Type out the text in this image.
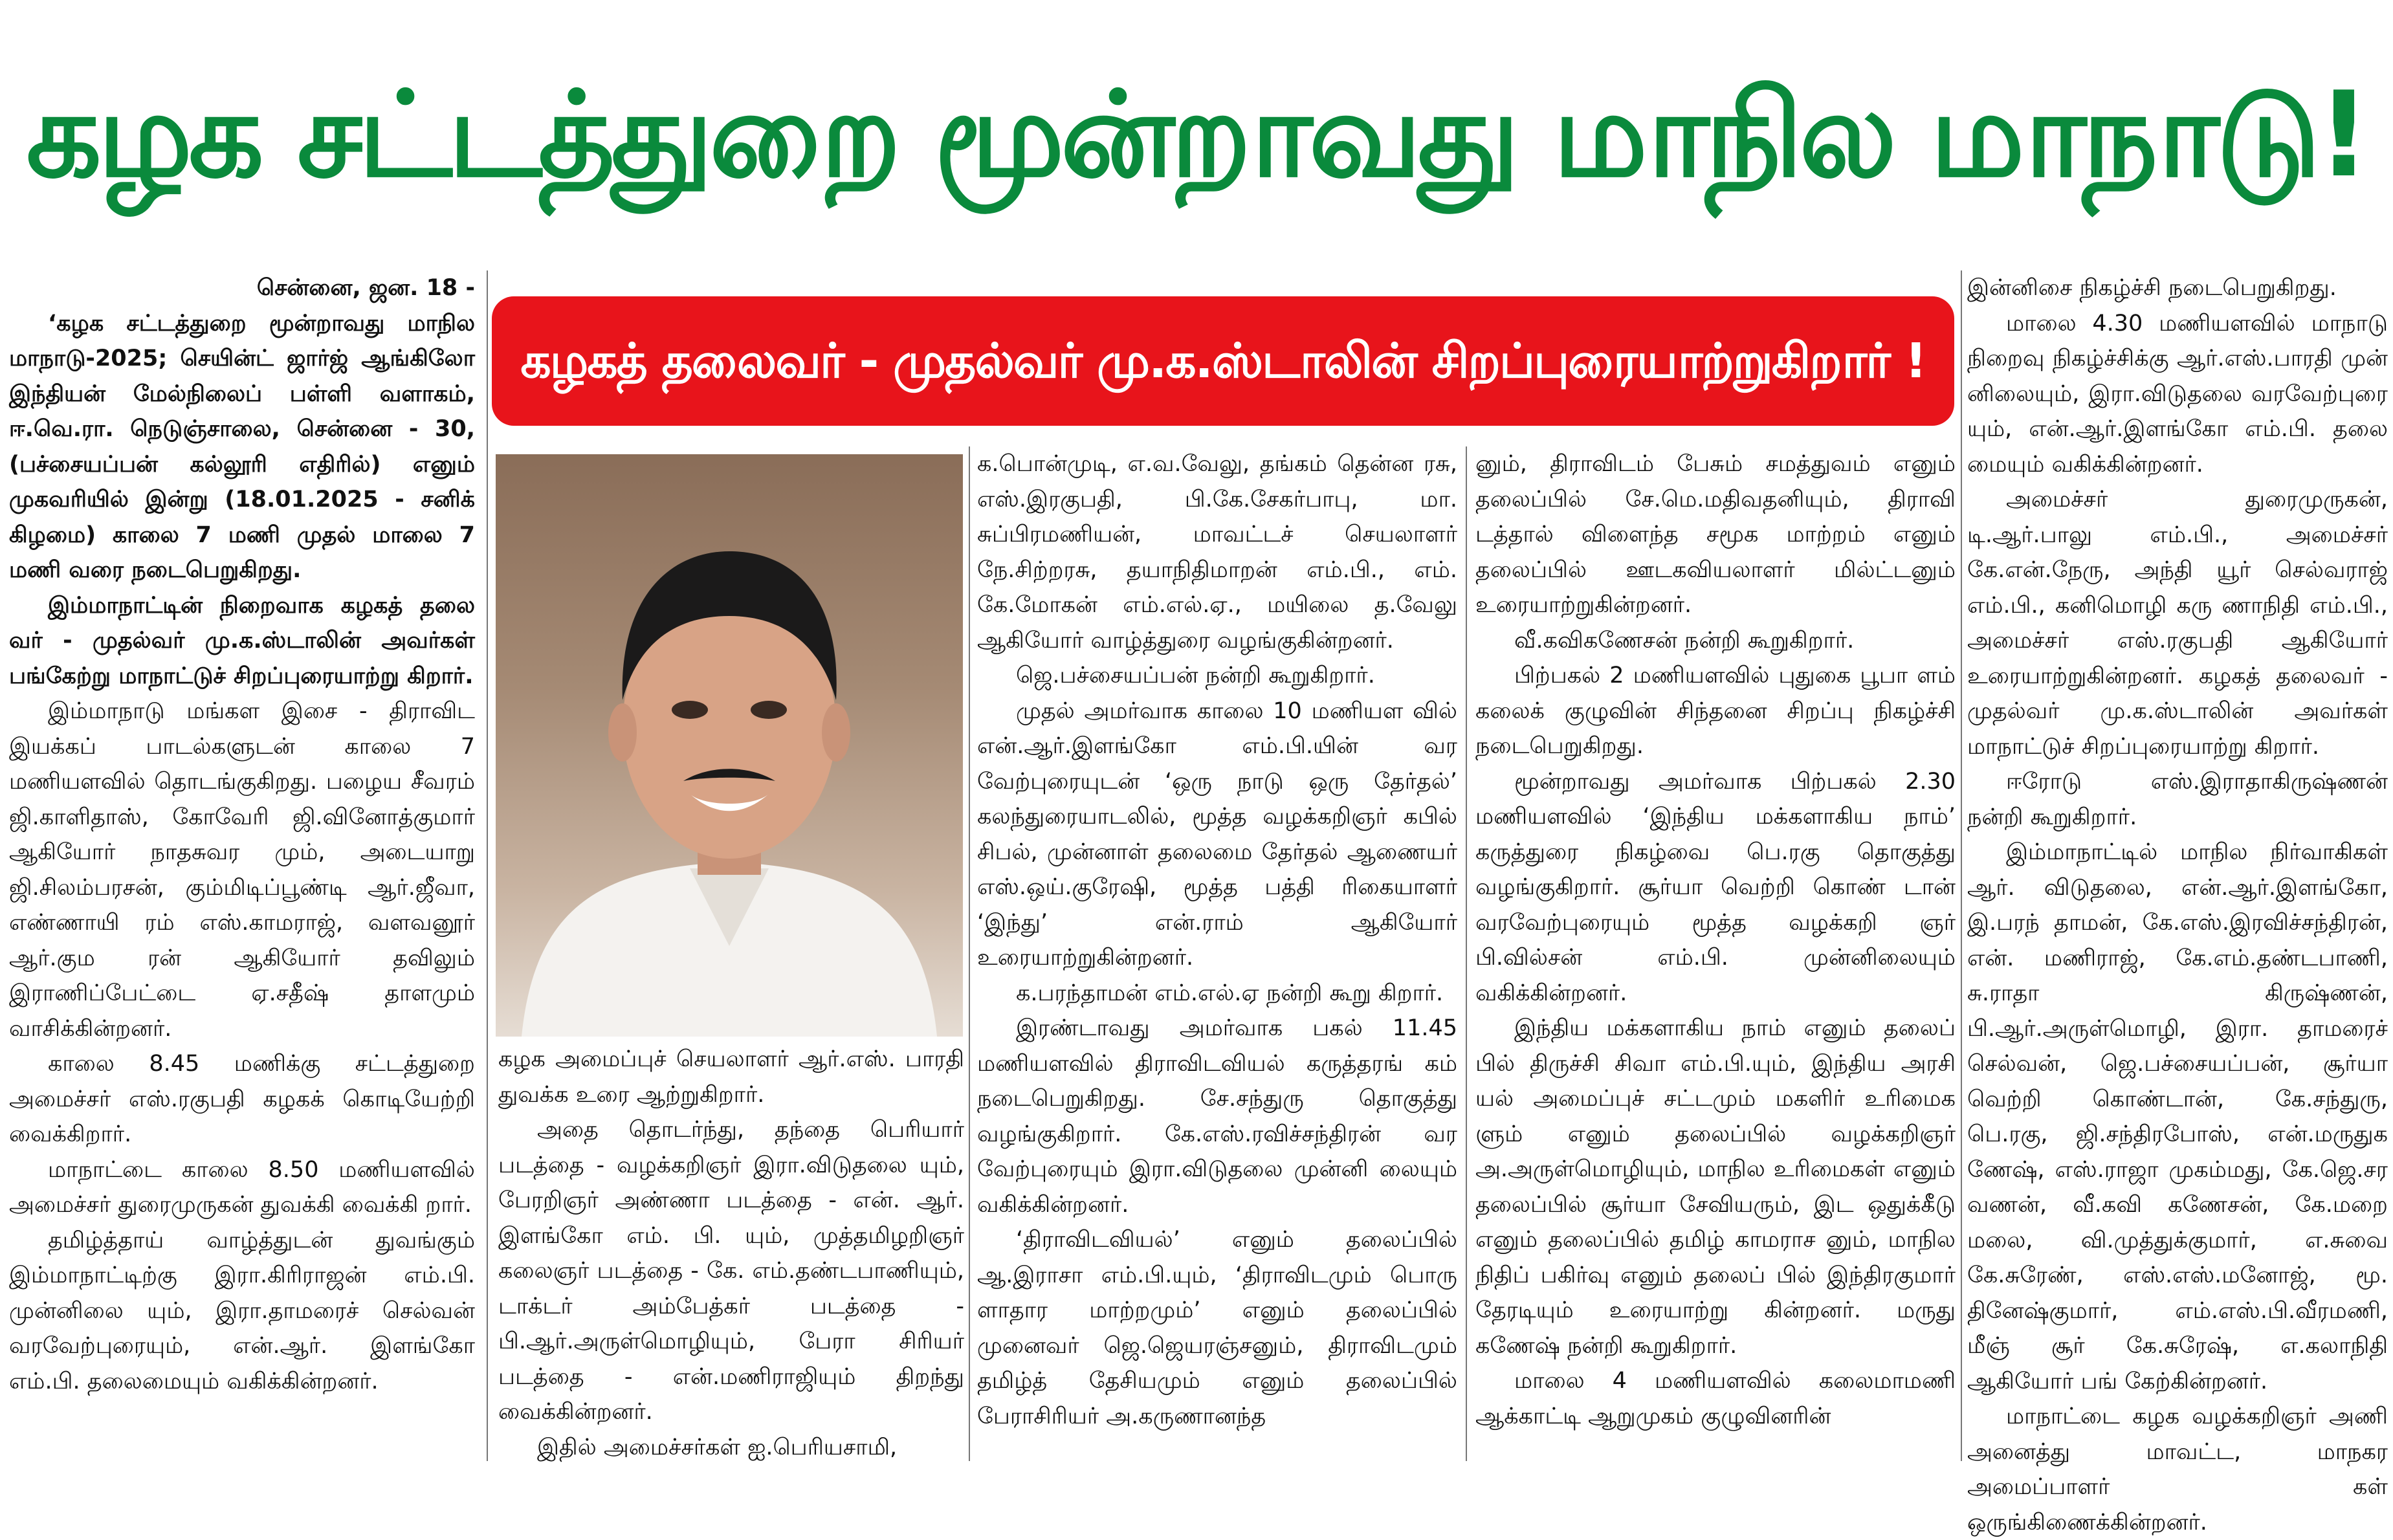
கழக சட்டத்துறை மூன்றாவது மாநில மாநாடு!

சென்னை, ஜன. 18 -

‘கழக சட்டத்துறை மூன்றாவது மாநில மாநாடு-2025; செயின்ட் ஜார்ஜ் ஆங்கிலோ இந்தியன் மேல்நிலைப் பள்ளி வளாகம், ஈ.வெ.ரா. நெடுஞ்சாலை, சென்னை - 30, (பச்சையப்பன் கல்லூரி எதிரில்) எனும் முகவரியில் இன்று (18.01.2025 - சனிக் கிழமை) காலை 7 மணி முதல் மாலை 7 மணி வரை நடைபெறுகிறது.

இம்மாநாட்டின் நிறைவாக கழகத் தலை வர் - முதல்வர் மு.க.ஸ்டாலின் அவர்கள் பங்கேற்று மாநாட்டுச் சிறப்புரையாற்று கிறார்.

இம்மாநாடு மங்கள இசை - திராவிட இயக்கப் பாடல்களுடன் காலை 7 மணியளவில் தொடங்குகிறது. பழைய சீவரம் ஜி.காளிதாஸ், கோவேரி ஜி.வினோத்குமார் ஆகியோர் நாதசுவர மும், அடையாறு ஜி.சிலம்பரசன், கும்மிடிப்பூண்டி ஆர்.ஜீவா, எண்ணாயி ரம் எஸ்.காமராஜ், வளவனூர் ஆர்.கும ரன் ஆகியோர் தவிலும் இராணிப்பேட்டை ஏ.சதீஷ் தாளமும் வாசிக்கின்றனர்.

காலை 8.45 மணிக்கு சட்டத்துறை அமைச்சர் எஸ்.ரகுபதி கழகக் கொடியேற்றி வைக்கிறார்.

மாநாட்டை காலை 8.50 மணியளவில் அமைச்சர் துரைமுருகன் துவக்கி வைக்கி றார்.

தமிழ்த்தாய் வாழ்த்துடன் துவங்கும் இம்மாநாட்டிற்கு இரா.கிரிராஜன் எம்.பி. முன்னிலை யும், இரா.தாமரைச் செல்வன் வரவேற்புரையும், என்.ஆர். இளங்கோ எம்.பி. தலைமையும் வகிக்கின்றனர்.

கழகத் தலைவர் - முதல்வர் மு.க.ஸ்டாலின் சிறப்புரையாற்றுகிறார் !

கழக அமைப்புச் செயலாளர் ஆர்.எஸ். பாரதி துவக்க உரை ஆற்றுகிறார்.

அதை தொடர்ந்து, தந்தை பெரியார் படத்தை - வழக்கறிஞர் இரா.விடுதலை யும், பேரறிஞர் அண்ணா படத்தை - என். ஆர். இளங்கோ எம். பி. யும், முத்தமிழறிஞர் கலைஞர் படத்தை - கே. எம்.தண்டபாணியும், டாக்டர் அம்பேத்கர் படத்தை - பி.ஆர்.அருள்மொழியும், பேரா சிரியர் படத்தை - என்.மணிராஜியும் திறந்து வைக்கின்றனர்.

இதில் அமைச்சர்கள் ஐ.பெரியசாமி,

க.பொன்முடி, எ.வ.வேலு, தங்கம் தென்ன ரசு, எஸ்.இரகுபதி, பி.கே.சேகர்பாபு, மா. சுப்பிரமணியன், மாவட்டச் செயலாளர் நே.சிற்றரசு, தயாநிதிமாறன் எம்.பி., எம். கே.மோகன் எம்.எல்.ஏ., மயிலை த.வேலு ஆகியோர் வாழ்த்துரை வழங்குகின்றனர்.

ஜெ.பச்சையப்பன் நன்றி கூறுகிறார்.

முதல் அமர்வாக காலை 10 மணியள வில் என்.ஆர்.இளங்கோ எம்.பி.யின் வர வேற்புரையுடன் ‘ஒரு நாடு ஒரு தேர்தல்’ கலந்துரையாடலில், மூத்த வழக்கறிஞர் கபில் சிபல், முன்னாள் தலைமை தேர்தல் ஆணையர் எஸ்.ஒய்.குரேஷி, மூத்த பத்தி ரிகையாளர் ‘இந்து’ என்.ராம் ஆகியோர் உரையாற்றுகின்றனர்.

க.பரந்தாமன் எம்.எல்.ஏ நன்றி கூறு கிறார்.

இரண்டாவது அமர்வாக பகல் 11.45 மணியளவில் திராவிடவியல் கருத்தரங் கம் நடைபெறுகிறது. சே.சந்துரு தொகுத்து வழங்குகிறார். கே.எஸ்.ரவிச்சந்திரன் வர வேற்புரையும் இரா.விடுதலை முன்னி லையும் வகிக்கின்றனர்.

‘திராவிடவியல்’ எனும் தலைப்பில் ஆ.இராசா எம்.பி.யும், ‘திராவிடமும் பொரு ளாதார மாற்றமும்’ எனும் தலைப்பில் முனைவர் ஜெ.ஜெயரஞ்சனும், திராவிடமும் தமிழ்த் தேசியமும் எனும் தலைப்பில் பேராசிரியர் அ.கருணானந்த

னும், திராவிடம் பேசும் சமத்துவம் எனும் தலைப்பில் சே.மெ.மதிவதனியும், திராவி டத்தால் விளைந்த சமூக மாற்றம் எனும் தலைப்பில் ஊடகவியலாளர் மில்ட்டனும் உரையாற்றுகின்றனர்.

வீ.கவிகணேசன் நன்றி கூறுகிறார்.

பிற்பகல் 2 மணியளவில் புதுகை பூபா ளம் கலைக் குழுவின் சிந்தனை சிறப்பு நிகழ்ச்சி நடைபெறுகிறது.

மூன்றாவது அமர்வாக பிற்பகல் 2.30 மணியளவில் ‘இந்திய மக்களாகிய நாம்’ கருத்துரை நிகழ்வை பெ.ரகு தொகுத்து வழங்குகிறார். சூர்யா வெற்றி கொண் டான் வரவேற்புரையும் மூத்த வழக்கறி ஞர் பி.வில்சன் எம்.பி. முன்னிலையும் வகிக்கின்றனர்.

இந்திய மக்களாகிய நாம் எனும் தலைப் பில் திருச்சி சிவா எம்.பி.யும், இந்திய அரசி யல் அமைப்புச் சட்டமும் மகளிர் உரிமைக ளும் எனும் தலைப்பில் வழக்கறிஞர் அ.அருள்மொழியும், மாநில உரிமைகள் எனும் தலைப்பில் சூர்யா சேவியரும், இட ஒதுக்கீடு எனும் தலைப்பில் தமிழ் காமராச னும், மாநில நிதிப் பகிர்வு எனும் தலைப் பில் இந்திரகுமார் தேரடியும் உரையாற்று கின்றனர். மருது கணேஷ் நன்றி கூறுகிறார்.

மாலை 4 மணியளவில் கலைமாமணி ஆக்காட்டி ஆறுமுகம் குழுவினரின்

இன்னிசை நிகழ்ச்சி நடைபெறுகிறது.

மாலை 4.30 மணியளவில் மாநாடு நிறைவு நிகழ்ச்சிக்கு ஆர்.எஸ்.பாரதி முன் னிலையும், இரா.விடுதலை வரவேற்புரை யும், என்.ஆர்.இளங்கோ எம்.பி. தலை மையும் வகிக்கின்றனர்.

அமைச்சர் துரைமுருகன், டி.ஆர்.பாலு எம்.பி., அமைச்சர் கே.என்.நேரு, அந்தி யூர் செல்வராஜ் எம்.பி., கனிமொழி கரு ணாநிதி எம்.பி., அமைச்சர் எஸ்.ரகுபதி ஆகியோர் உரையாற்றுகின்றனர். கழகத் தலைவர் - முதல்வர் மு.க.ஸ்டாலின் அவர்கள் மாநாட்டுச் சிறப்புரையாற்று கிறார்.

ஈரோடு எஸ்.இராதாகிருஷ்ணன் நன்றி கூறுகிறார்.

இம்மாநாட்டில் மாநில நிர்வாகிகள் ஆர். விடுதலை, என்.ஆர்.இளங்கோ, இ.பரந் தாமன், கே.எஸ்.இரவிச்சந்திரன், என். மணிராஜ், கே.எம்.தண்டபாணி, சு.ராதா கிருஷ்ணன், பி.ஆர்.அருள்மொழி, இரா. தாமரைச் செல்வன், ஜெ.பச்சையப்பன், சூர்யா வெற்றி கொண்டான், கே.சந்துரு, பெ.ரகு, ஜி.சந்திரபோஸ், என்.மருதுக ணேஷ், எஸ்.ராஜா முகம்மது, கே.ஜெ.சர வணன், வீ.கவி கணேசன், கே.மறை மலை, வி.முத்துக்குமார், எ.சுவை கே.சுரேண், எஸ்.எஸ்.மனோஜ், மூ. தினேஷ்குமார், எம்.எஸ்.பி.வீரமணி, மீஞ் சூர் கே.சுரேஷ், எ.கலாநிதி ஆகியோர் பங் கேற்கின்றனர்.

மாநாட்டை கழக வழக்கறிஞர் அணி அனைத்து மாவட்ட, மாநகர அமைப்பாளர் கள் ஒருங்கிணைக்கின்றனர்.
